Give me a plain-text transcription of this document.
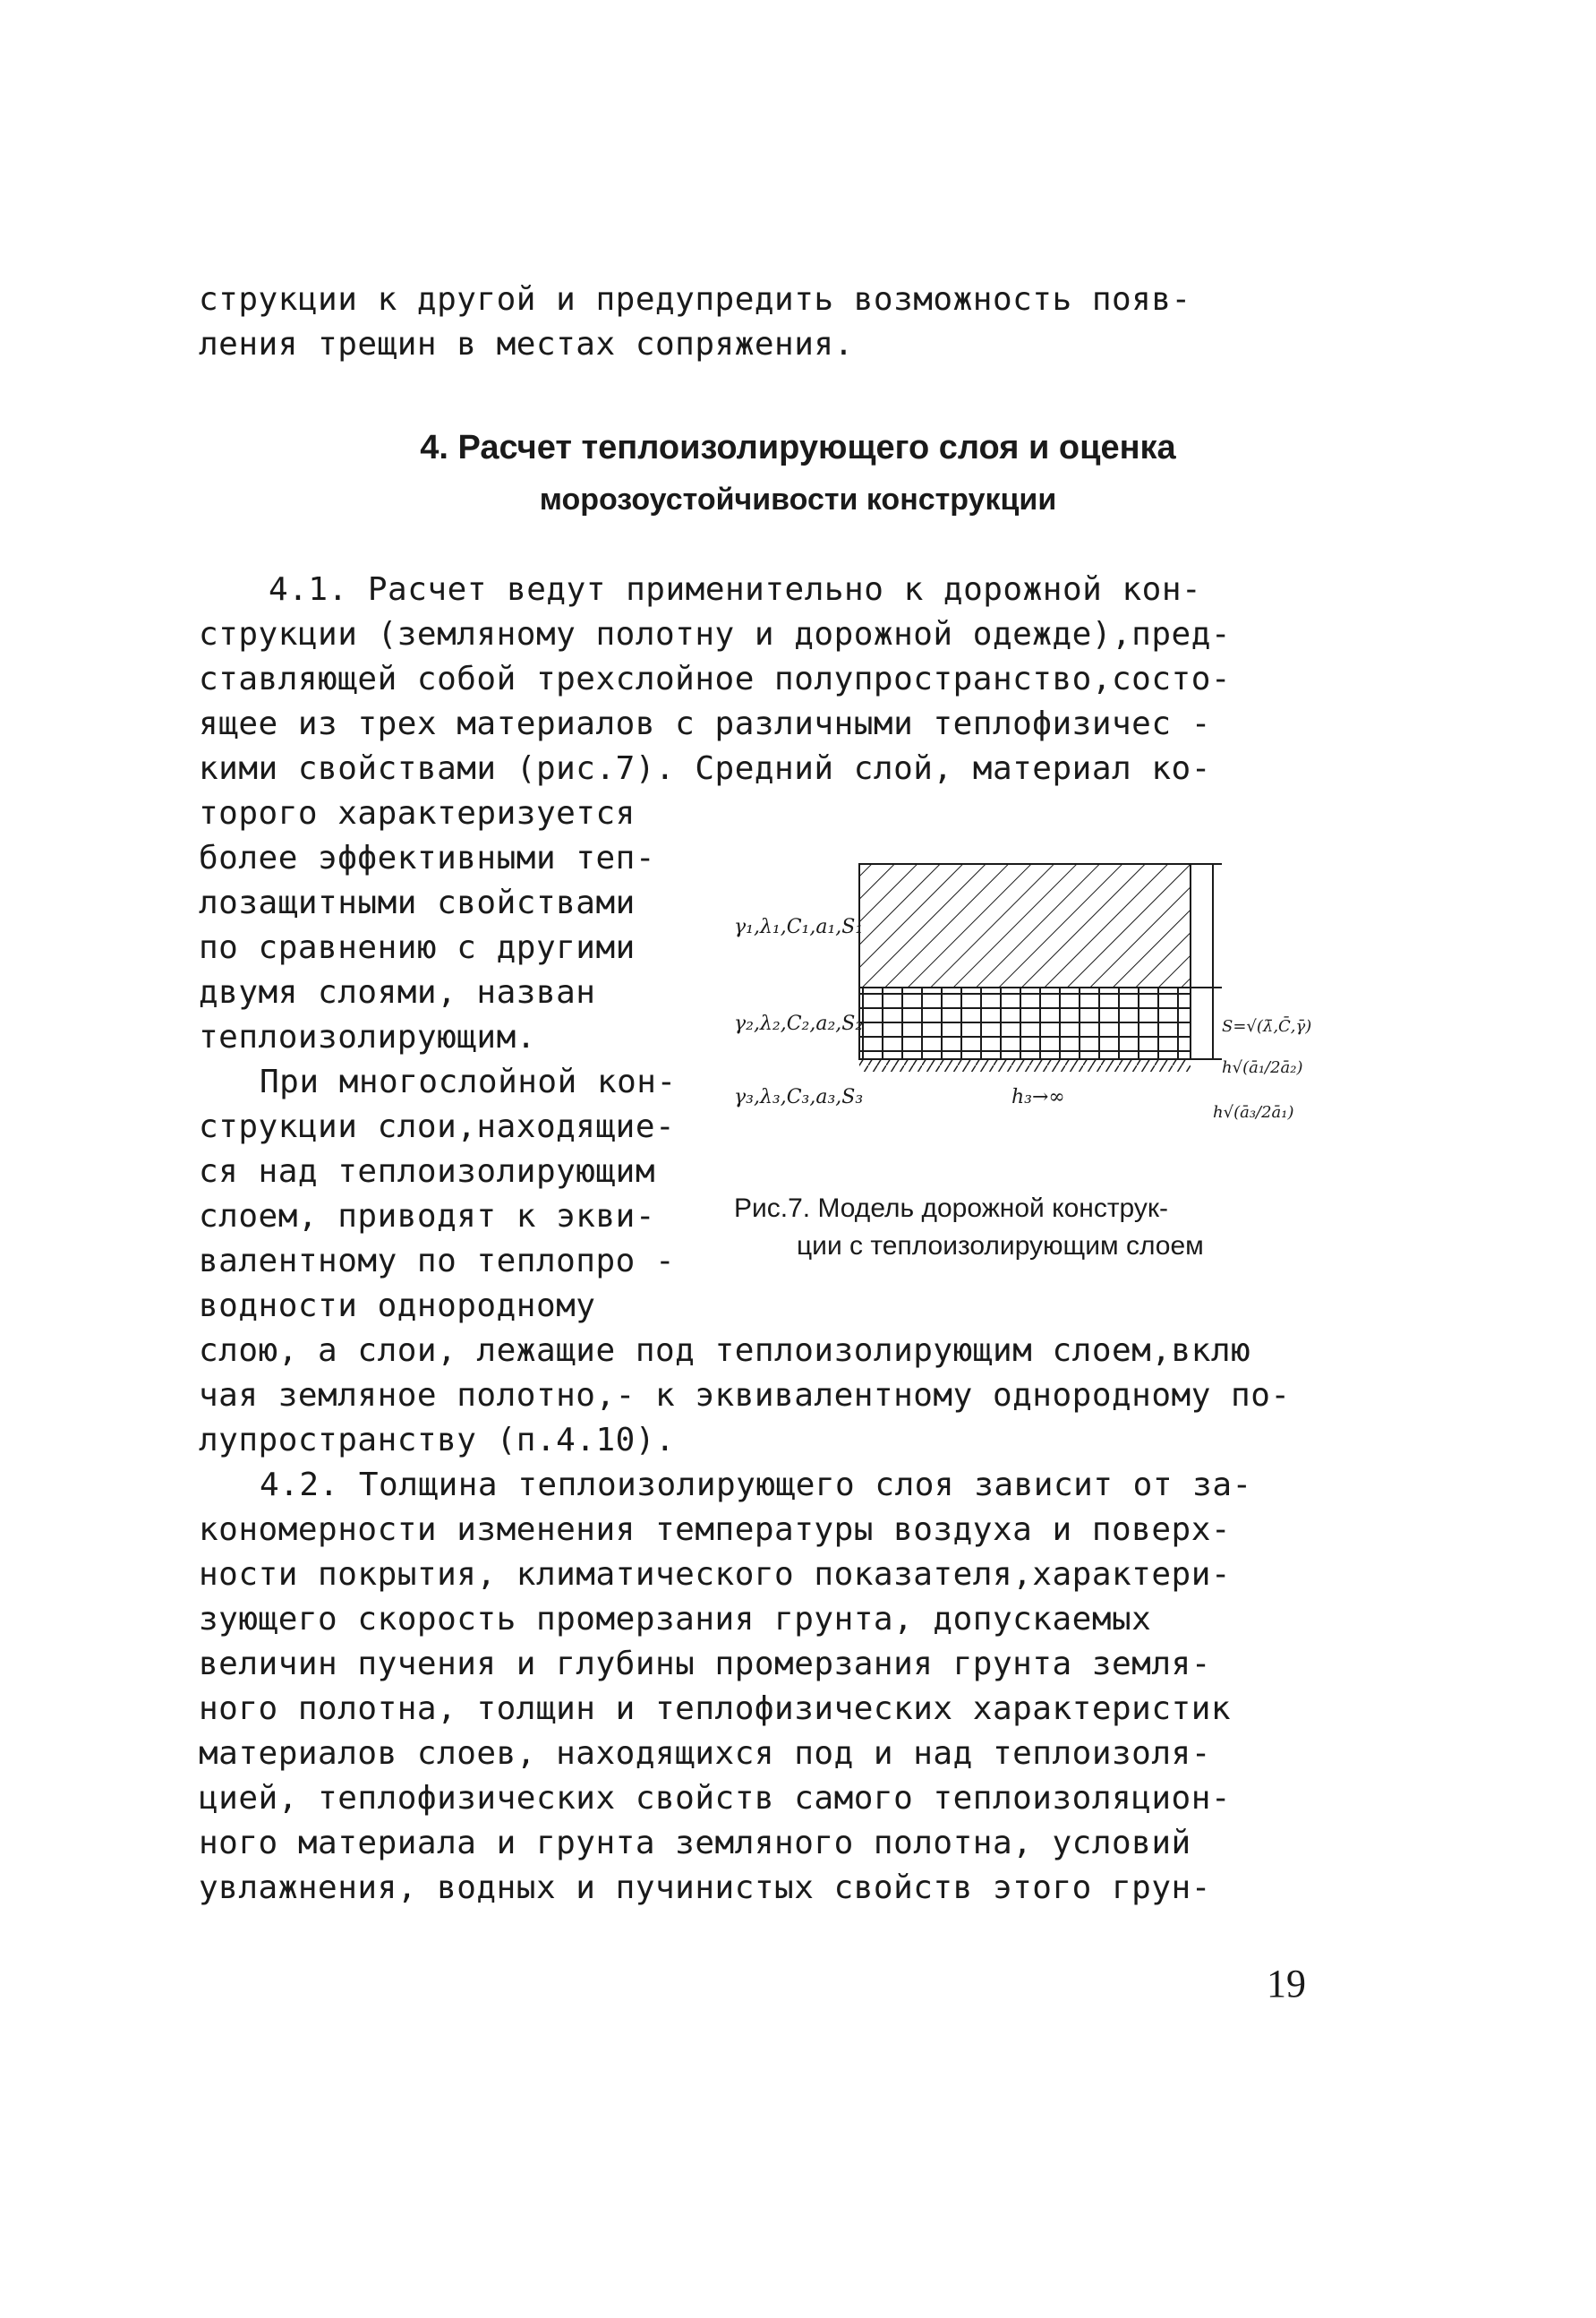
струкции к другой и предупредить возможность появ-
ления трещин в местах сопряжения.
4. Расчет теплоизолирующего слоя и оценка
морозоустойчивости конструкции
4.1. Расчет ведут применительно к дорожной кон-
струкции (земляному полотну и дорожной одежде),пред-
ставляющей собой трехслойное полупространство,состо-
ящее из трех материалов с различными теплофизичес -
кими свойствами (рис.7). Средний слой, материал ко-
торого характеризуется
более эффективными теп-
лозащитными свойствами
по сравнению с другими
двумя слоями, назван
теплоизолирующим.
При многослойной кон-
струкции слои,находящие-
ся над теплоизолирующим
слоем, приводят к экви-
валентному по теплопро -
водности однородному
γ₁,λ₁,C₁,a₁,S₁
γ₂,λ₂,C₂,a₂,S₂
γ₃,λ₃,C₃,a₃,S₃	h₃→∞
S=√(λ̄,C̄,γ̄)
h√(ā₁/2ā₂)
h√(ā₃/2ā₁)
Рис.7. Модель дорожной конструк-
ции с теплоизолирующим слоем
слою, а слои, лежащие под теплоизолирующим слоем,вклю
чая земляное полотно,- к эквивалентному однородному по-
лупространству (п.4.10).
4.2. Толщина теплоизолирующего слоя зависит от за-
кономерности изменения температуры воздуха и поверх-
ности покрытия, климатического показателя,характери-
зующего скорость промерзания грунта, допускаемых
величин пучения и глубины промерзания грунта земля-
ного полотна, толщин и теплофизических характеристик
материалов слоев, находящихся под и над теплоизоля-
цией, теплофизических свойств самого теплоизоляцион-
ного материала и грунта земляного полотна, условий
увлажнения, водных и пучинистых свойств этого грун-
19
